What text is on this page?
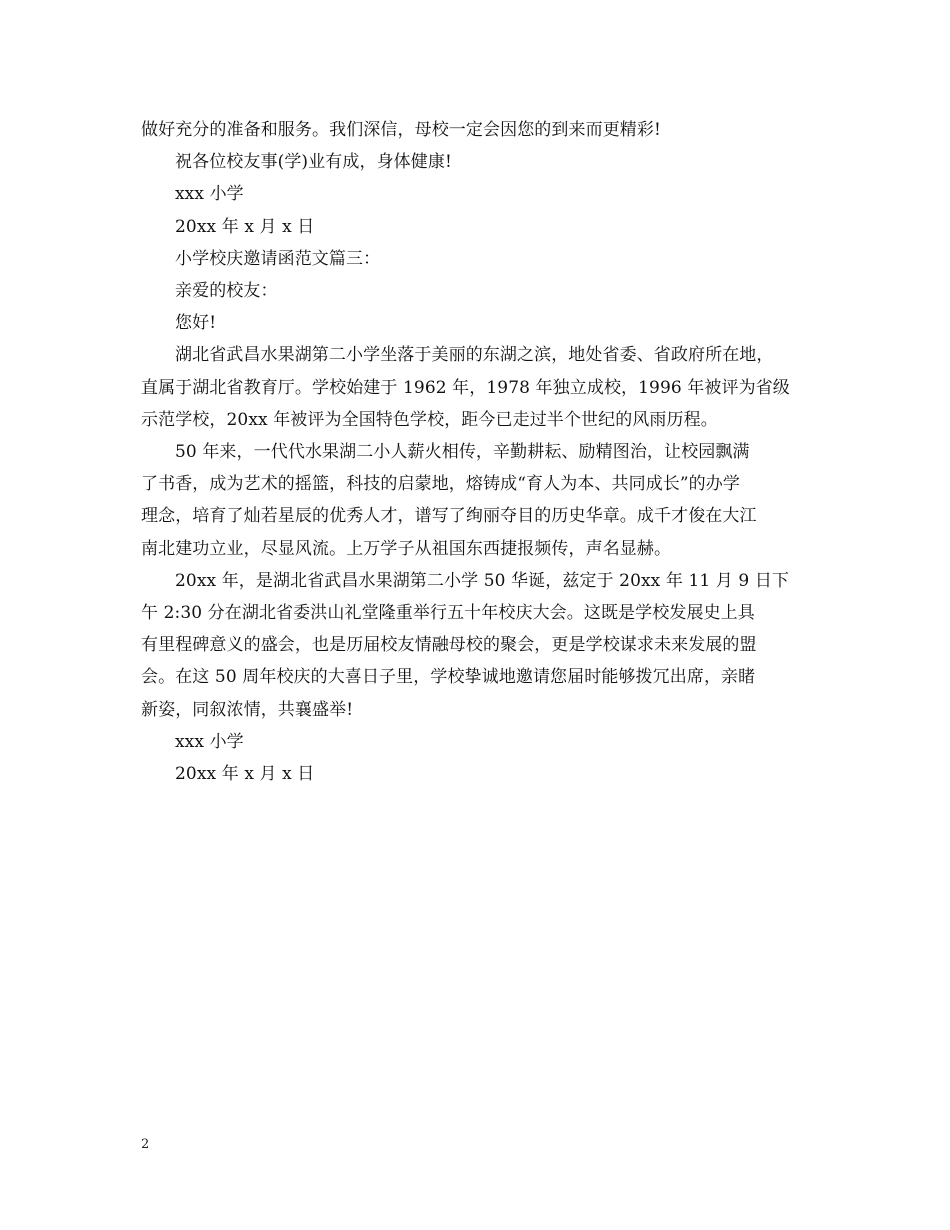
做好充分的准备和服务。我们深信，母校一定会因您的到来而更精彩!
祝各位校友事(学)业有成，身体健康!
xxx 小学
20xx 年 x 月 x 日
小学校庆邀请函范文篇三：
亲爱的校友：
您好!
湖北省武昌水果湖第二小学坐落于美丽的东湖之滨，地处省委、省政府所在地，
直属于湖北省教育厅。学校始建于 1962 年，1978 年独立成校，1996 年被评为省级
示范学校，20xx 年被评为全国特色学校，距今已走过半个世纪的风雨历程。
50 年来，一代代水果湖二小人薪火相传，辛勤耕耘、励精图治，让校园飘满
了书香，成为艺术的摇篮，科技的启蒙地，熔铸成“育人为本、共同成长”的办学
理念，培育了灿若星辰的优秀人才，谱写了绚丽夺目的历史华章。成千才俊在大江
南北建功立业，尽显风流。上万学子从祖国东西捷报频传，声名显赫。
20xx 年，是湖北省武昌水果湖第二小学 50 华诞，兹定于 20xx 年 11 月 9 日下
午 2:30 分在湖北省委洪山礼堂隆重举行五十年校庆大会。这既是学校发展史上具
有里程碑意义的盛会，也是历届校友情融母校的聚会，更是学校谋求未来发展的盟
会。在这 50 周年校庆的大喜日子里，学校挚诚地邀请您届时能够拨冗出席，亲睹
新姿，同叙浓情，共襄盛举!
xxx 小学
20xx 年 x 月 x 日
2
